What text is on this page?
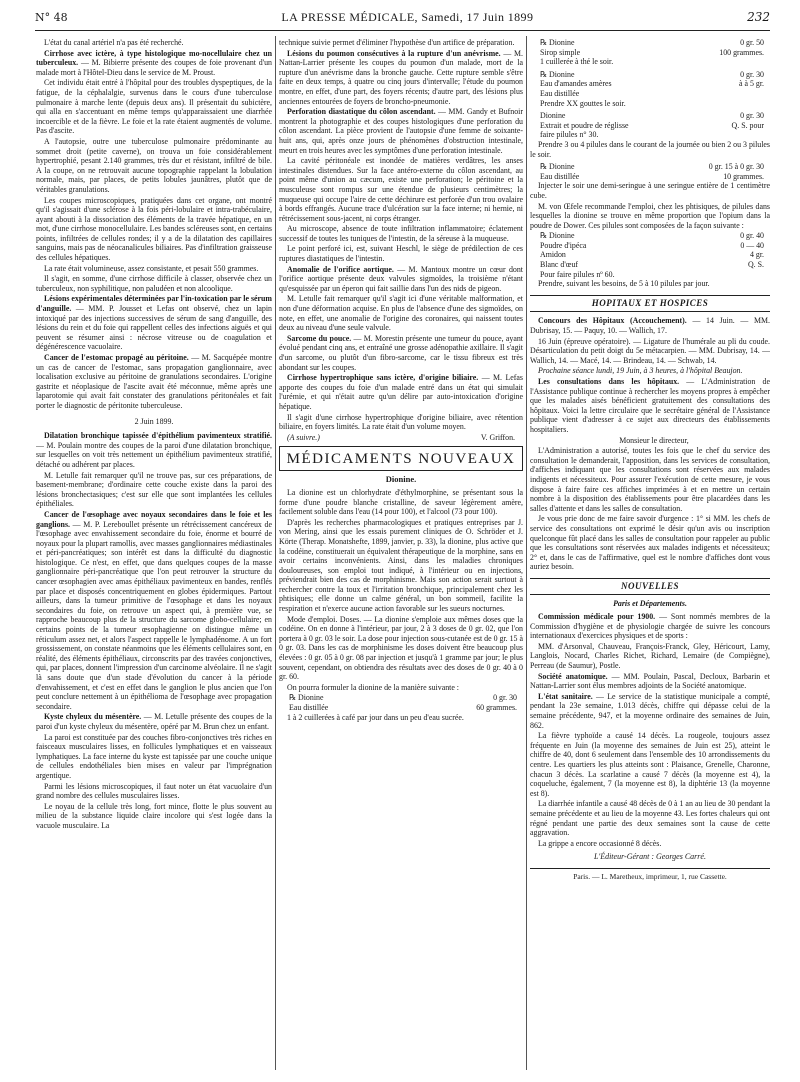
N° 48	LA PRESSE MÉDICALE, Samedi, 17 Juin 1899	232

L'état du canal artériel n'a pas été recherché.

Cirrhose avec ictère, à type histologique mo-nocellulaire chez un tuberculeux. — M. Bibierre présente des coupes de foie provenant d'un malade mort à l'Hôtel-Dieu dans le service de M. Proust.

Cet individu était entré à l'hôpital pour des troubles dyspeptiques, de la fatigue, de la céphalalgie, survenus dans le cours d'une tuberculose pulmonaire à marche lente (depuis deux ans). Il présentait du subictère, qui alla en s'accentuant en même temps qu'apparaissaient une diarrhée incoercible et de la fièvre. Le foie et la rate étaient augmentés de volume. Pas d'ascite.

A l'autopsie, outre une tuberculose pulmonaire prédominante au sommet droit (petite caverne), on trouva un foie considérablement hypertrophié, pesant 2.140 grammes, très dur et résistant, infiltré de bile. A la coupe, on ne retrouvait aucune topographie rappelant la lobulation normale, mais, par places, de petits lobules jaunâtres, plutôt que de véritables granulations.

Les coupes microscopiques, pratiquées dans cet organe, ont montré qu'il s'agissait d'une sclérose à la fois péri-lobulaire et intra-trabéculaire, ayant abouti à la dissociation des éléments de la travée hépatique, en un mot, d'une cirrhose monocellulaire. Les bandes scléreuses sont, en certains points, infiltrées de cellules rondes; il y a de la dilatation des capillaires sanguins, mais pas de néocanalicules biliaires. Pas d'infiltration graisseuse des cellules hépatiques.

La rate était volumineuse, assez consistante, et pesait 550 grammes.

Il s'agit, en somme, d'une cirrhose difficile à classer, observée chez un tuberculeux, non syphilitique, non paludéen et non alcoolique.

Lésions expérimentales déterminées par l'in-toxication par le sérum d'anguille. — MM. P. Jousset et Lefas ont observé, chez un lapin intoxiqué par des injections successives de sérum de sang d'anguille, des lésions du rein et du foie qui rappellent celles des infections aiguës et qui peuvent se résumer ainsi : nécrose vitreuse ou de coagulation et dégénérescence vacuolaire.

Cancer de l'estomac propagé au péritoine. — M. Sacquépée montre un cas de cancer de l'estomac, sans propagation ganglionnaire, avec localisation exclusive au péritoine de granulations secondaires. L'origine gastrite et néoplasique de l'ascite avait été méconnue, même après une laparotomie qui avait fait constater des granulations péritonéales et fait porter le diagnostic de péritonite tuberculeuse.

2 Juin 1899.

Dilatation bronchique tapissée d'épithélium pavimenteux stratifié. — M. Poulain montre des coupes de la paroi d'une dilatation bronchique, sur lesquelles on voit très nettement un épithélium pavimenteux stratifié, détaché ou adhérent par places.

M. Letulle fait remarquer qu'il ne trouve pas, sur ces préparations, de basement-membrane; d'ordinaire cette couche existe dans la paroi des lésions bronchectasiques; c'est sur elle que sont implantées les cellules épithéliales.

Cancer de l'œsophage avec noyaux secondaires dans le foie et les ganglions. — M. P. Lereboullet présente un rétrécissement cancéreux de l'œsophage avec envahissement secondaire du foie, énorme et bourré de noyaux pour la plupart ramollis, avec masses ganglionnaires médiastinales et péri-pancréatiques; son intérêt est dans la difficulté du diagnostic histologique. Ce n'est, en effet, que dans quelques coupes de la masse ganglionnaire péri-pancréatique que l'on peut retrouver la structure du cancer œsophagien avec amas épithéliaux pavimenteux en bandes, renflés par place et disposés concentriquement en globes épidermiques. Partout ailleurs, dans la tumeur primitive de l'œsophage et dans les noyaux secondaires du foie, on retrouve un aspect qui, à première vue, se rapproche beaucoup plus de la structure du sarcome globo-cellulaire; en certains points de la tumeur œsophagienne on distingue même un réticulum assez net, et alors l'aspect rappelle le lymphadénome. A un fort grossissement, on constate néanmoins que les éléments cellulaires sont, en réalité, des éléments épithéliaux, circonscrits par des travées conjonctives, qui, par places, donnent l'impression d'un carcinome alvéolaire. Il ne s'agit là sans doute que d'un stade d'évolution du cancer à la période d'envahissement, et c'est en effet dans le ganglion le plus ancien que l'on peut conclure nettement à un épithélioma de l'œsophage avec propagation secondaire.

Kyste chyleux du mésentère. — M. Letulle présente des coupes de la paroi d'un kyste chyleux du mésentère, opéré par M. Brun chez un enfant.

La paroi est constituée par des couches fibro-conjonctives très riches en faisceaux musculaires lisses, en follicules lymphatiques et en vaisseaux lymphatiques. La face interne du kyste est tapissée par une couche unique de cellules endothéliales bien mises en valeur par l'imprégnation argentique.

Parmi les lésions microscopiques, il faut noter un état vacuolaire d'un grand nombre des cellules musculaires lisses.

Le noyau de la cellule très long, fort mince, flotte le plus souvent au milieu de la substance liquide claire incolore qui s'est logée dans la vacuole musculaire. La

technique suivie permet d'éliminer l'hypothèse d'un artifice de préparation.

Lésions du poumon consécutives à la rupture d'un anévrisme. — M. Nattan-Larrier présente les coupes du poumon d'un malade, mort de la rupture d'un anévrisme dans la bronche gauche. Cette rupture semble s'être faite en deux temps, à quatre ou cinq jours d'intervalle; l'étude du poumon montre, en effet, d'une part, des foyers récents; d'autre part, des lésions plus anciennes entourées de foyers de broncho-pneumonie.

Perforation diastatique du côlon ascendant. — MM. Gandy et Bufnoir montrent la photographie et des coupes histologiques d'une perforation du côlon ascendant. La pièce provient de l'autopsie d'une femme de soixante-huit ans, qui, après onze jours de phénomènes d'obstruction intestinale, meurt en trois heures avec les symptômes d'une perforation intestinale.

La cavité péritonéale est inondée de matières verdâtres, les anses intestinales distendues. Sur la face antéro-externe du côlon ascendant, au point même d'union au cæcum, existe une perforation; le péritoine et la musculeuse sont rompus sur une étendue de plusieurs centimètres; la muqueuse qui occupe l'aire de cette déchirure est perforée d'un trou ovalaire à bords effrangés. Aucune trace d'ulcération sur la face interne; ni hernie, ni rétrécissement sous-jacent, ni corps étranger.

Au microscope, absence de toute infiltration inflammatoire; éclatement successif de toutes les tuniques de l'intestin, de la séreuse à la muqueuse.

Le point perforé ici, est, suivant Heschl, le siège de prédilection de ces ruptures diastatiques de l'intestin.

Anomalie de l'orifice aortique. — M. Mantoux montre un cœur dont l'orifice aortique présente deux valvules sigmoïdes, la troisième n'étant qu'esquissée par un éperon qui fait saillie dans l'un des nids de pigeon.

M. Letulle fait remarquer qu'il s'agit ici d'une véritable malformation, et non d'une déformation acquise. En plus de l'absence d'une des sigmoïdes, on note, en effet, une anomalie de l'origine des coronaires, qui naissent toutes deux au niveau d'une seule valvule.

Sarcome du pouce. — M. Morestin présente une tumeur du pouce, ayant évolué pendant cinq ans, et entraîné une grosse adénopathie axillaire. Il s'agit d'un sarcome, ou plutôt d'un fibro-sarcome, car le tissu fibreux est très abondant sur les coupes.

Cirrhose hypertrophique sans ictère, d'origine biliaire. — M. Lefas apporte des coupes du foie d'un malade entré dans un état qui simulait l'urémie, et qui n'était autre qu'un délire par auto-intoxication d'origine hépatique.

Il s'agit d'une cirrhose hypertrophique d'origine biliaire, avec rétention biliaire, en foyers limités. La rate était d'un volume moyen.

(A suivre.)	V. Griffon.

MÉDICAMENTS NOUVEAUX

Dionine.

La dionine est un chlorhydrate d'éthylmorphine, se présentant sous la forme d'une poudre blanche cristalline, de saveur légèrement amère, facilement soluble dans l'eau (14 pour 100), et l'alcool (73 pour 100).

D'après les recherches pharmacologiques et pratiques entreprises par J. von Mering, ainsi que les essais purement cliniques de O. Schröder et J. Körte (Therap. Monatshefte, 1899, janvier, p. 33), la dionine, plus active que la codéine, constituerait un équivalent thérapeutique de la morphine, sans en avoir certains inconvénients. Ainsi, dans les maladies chroniques douloureuses, son emploi tout indiqué, à l'intérieur ou en injections, préviendrait bien des cas de morphinisme. Mais son action serait surtout à rechercher contre la toux et l'irritation bronchique, principalement chez les phtisiques; elle donne un calme général, un bon sommeil, facilite la respiration et n'exerce aucune action favorable sur les sueurs nocturnes.

Mode d'emploi. Doses. — La dionine s'emploie aux mêmes doses que la codéine. On en donne à l'intérieur, par jour, 2 à 3 doses de 0 gr. 02, que l'on portera à 0 gr. 03 le soir. La dose pour injection sous-cutanée est de 0 gr. 15 à 0 gr. 03. Dans les cas de morphinisme les doses doivent être beaucoup plus élevées : 0 gr. 05 à 0 gr. 08 par injection et jusqu'à 1 gramme par jour; le plus souvent, cependant, on obtiendra des résultats avec des doses de 0 gr. 40 à 0 gr. 60.

On pourra formuler la dionine de la manière suivante :

℞ Dionine	0 gr. 30
Eau distillée	60 grammes.

1 à 2 cuillerées à café par jour dans un peu d'eau sucrée.

℞ Dionine	0 gr. 50
Sirop simple	100 grammes.
1 cuillerée à thé le soir.
℞ Dionine	0 gr. 30
Eau d'amandes amères	à à 5 gr.
Eau distillée
Prendre XX gouttes le soir.
Dionine	0 gr. 30
Extrait et poudre de réglisse	Q. S. pour
faire pilules n° 30.

Prendre 3 ou 4 pilules dans le courant de la journée ou bien 2 ou 3 pilules le soir.

℞ Dionine	0 gr. 15 à 0 gr. 30
Eau distillée	10 grammes.

Injecter le soir une demi-seringue à une seringue entière de 1 centimètre cube.

M. von Œfele recommande l'emploi, chez les phtisiques, de pilules dans lesquelles la dionine se trouve en même proportion que l'opium dans la poudre de Dower. Ces pilules sont composées de la façon suivante :

℞ Dionine	0 gr. 40
Poudre d'ipéca	0 — 40
Amidon	4 gr.
Blanc d'œuf	Q. S.
Pour faire pilules nº 60.

Prendre, suivant les besoins, de 5 à 10 pilules par jour.

HOPITAUX ET HOSPICES

Concours des Hôpitaux (Accouchement). — 14 Juin. — MM. Dubrisay, 15. — Paquy, 10. — Wallich, 17.

16 Juin (épreuve opératoire). — Ligature de l'humérale au pli du coude. Désarticulation du petit doigt du 5e métacarpien. — MM. Dubrisay, 14. — Wallich, 14. — Macé, 14. — Brindeau, 14. — Schwab, 14.

Prochaine séance lundi, 19 Juin, à 3 heures, à l'hôpital Beaujon.

Les consultations dans les hôpitaux. — L'Administration de l'Assistance publique continue à rechercher les moyens propres à empêcher que les malades aisés bénéficient gratuitement des consultations des hôpitaux. Voici la lettre circulaire que le secrétaire général de l'Assistance publique vient d'adresser à ce sujet aux directeurs des établissements hospitaliers.

Monsieur le directeur,

L'Administration a autorisé, toutes les fois que le chef du service des consultation le demanderait, l'apposition, dans les services de consultation, d'affiches indiquant que les consultations sont réservées aux malades indigents et nécessiteux. Pour assurer l'exécution de cette mesure, je vous dispose à faire faire ces affiches imprimées à et en mettre un certain nombre à la disposition des établissements pour être placardées dans les salles d'attente et dans les salles de consultation.

Je vous prie donc de me faire savoir d'urgence : 1° si MM. les chefs de service des consultations ont exprimé le désir qu'un avis ou inscription quelconque fût placé dans les salles de consultation pour rappeler au public que les consultations sont réservées aux malades indigents et nécessiteux; 2° et, dans le cas de l'affirmative, quel est le nombre d'affiches dont vous auriez besoin.

NOUVELLES

Paris et Départements.

Commission médicale pour 1900. — Sont nommés membres de la Commission d'hygiène et de physiologie chargée de suivre les concours internationaux d'exercices physiques et de sports :

MM. d'Arsonval, Chauveau, François-Franck, Gley, Héricourt, Lamy, Langlois, Nocard, Charles Richet, Richard, Lemaire (de Compiègne), Perreau (de Saumur), Postle.

Société anatomique. — MM. Poulain, Pascal, Decloux, Barbarin et Nattan-Larrier sont élus membres adjoints de la Société anatomique.

L'état sanitaire. — Le service de la statistique municipale a compté, pendant la 23e semaine, 1.013 décès, chiffre qui dépasse celui de la semaine précédente, 947, et la moyenne ordinaire des semaines de Juin, 862.

La fièvre typhoïde a causé 14 décès. La rougeole, toujours assez fréquente en Juin (la moyenne des semaines de Juin est 25), atteint le chiffre de 40, dont 6 seulement dans l'ensemble des 10 arrondissements du centre. Les quartiers les plus atteints sont : Plaisance, Grenelle, Charonne, chacun 3 décès. La scarlatine a causé 7 décès (la moyenne est 4), la coqueluche, également, 7 (la moyenne est 8), la diphtérie 13 (la moyenne est 8).

La diarrhée infantile a causé 48 décès de 0 à 1 an au lieu de 30 pendant la semaine précédente et au lieu de la moyenne 43. Les fortes chaleurs qui ont régné pendant une partie des deux semaines sont la cause de cette aggravation.

La grippe a encore occasionné 8 décès.

L'Éditeur-Gérant : Georges Carré.

Paris. — L. Maretheux, imprimeur, 1, rue Cassette.
